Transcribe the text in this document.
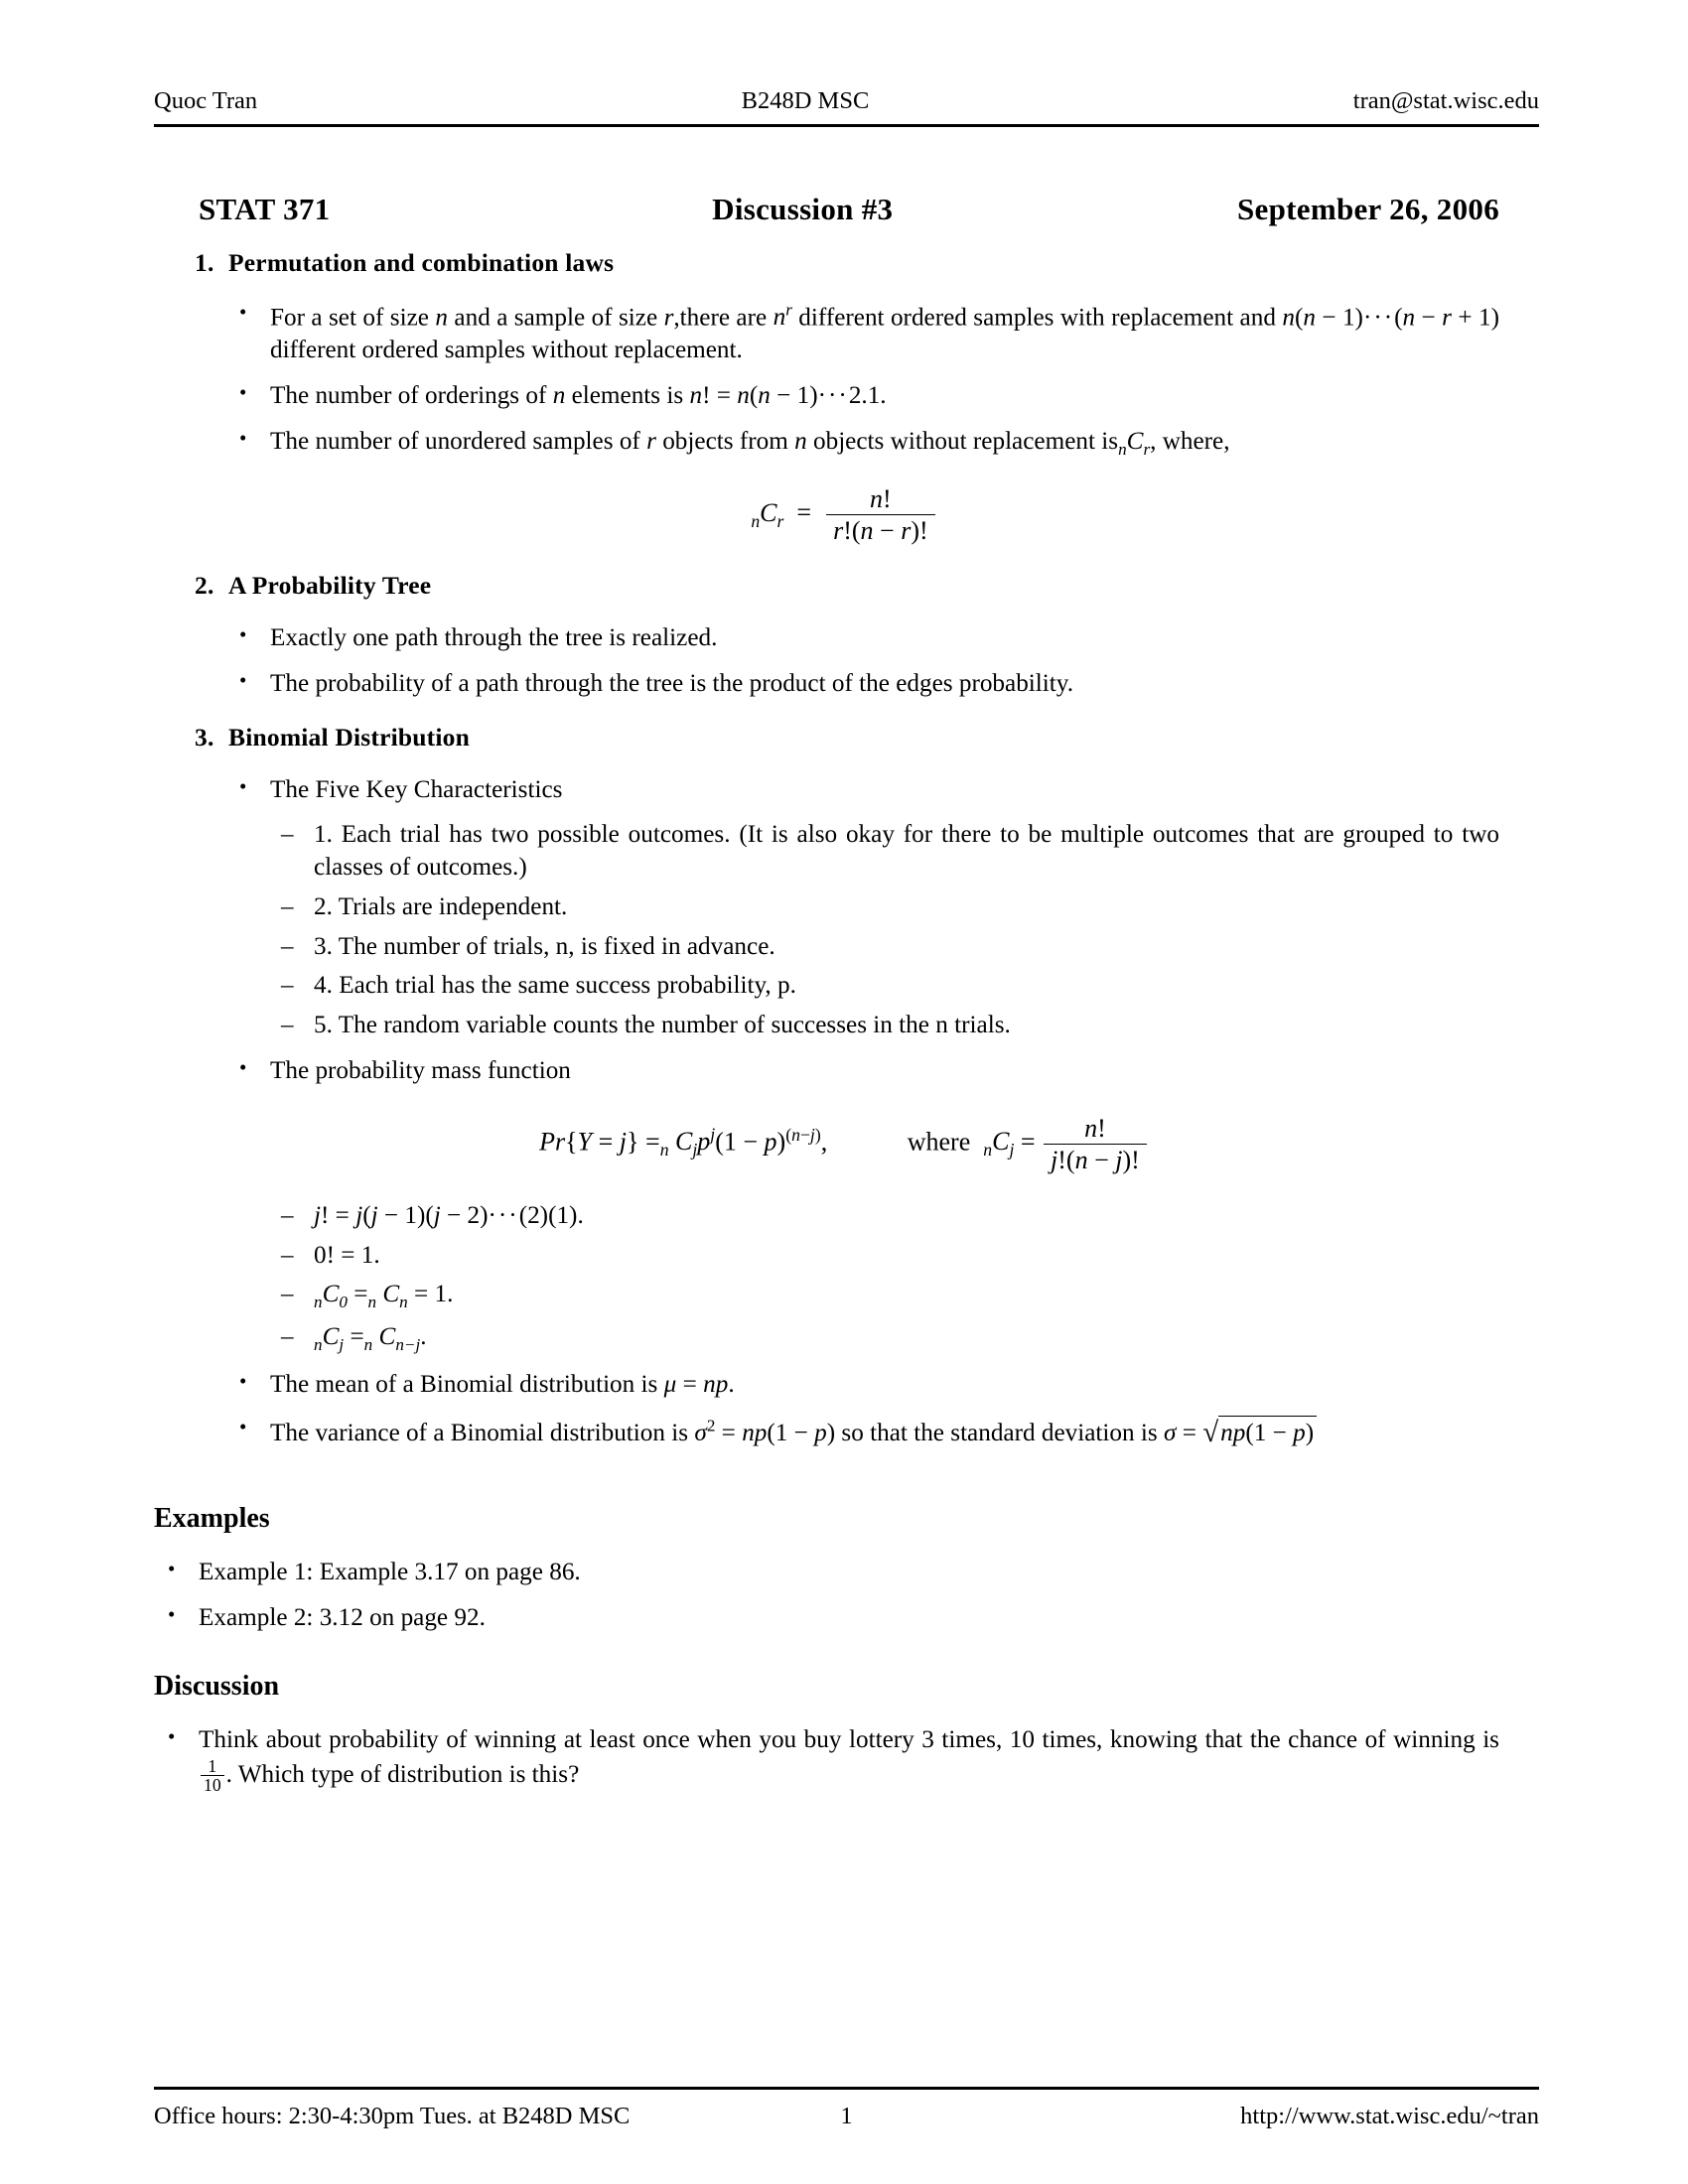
Quoc Tran	B248D MSC	tran@stat.wisc.edu
STAT 371	Discussion #3	September 26, 2006
1. Permutation and combination laws
• For a set of size n and a sample of size r,there are $n^r$ different ordered samples with replacement and n(n − 1)···(n − r + 1) different ordered samples without replacement.
• The number of orderings of n elements is n! = n(n − 1)···2.1.
• The number of unordered samples of r objects from n objects without replacement $is_nC_r$, where,
$_nC_r = \frac{n!}{r!(n - r)!}$
2. A Probability Tree
• Exactly one path through the tree is realized.
• The probability of a path through the tree is the product of the edges probability.
3. Binomial Distribution
• The Five Key Characteristics
– 1. Each trial has two possible outcomes. (It is also okay for there to be multiple outcomes that are grouped to two classes of outcomes.)
– 2. Trials are independent.
– 3. The number of trials, n, is fixed in advance.
– 4. Each trial has the same success probability, p.
– 5. The random variable counts the number of successes in the n trials.
• The probability mass function
$Pr\{Y = j\} =_n$ $C_jp^j(1 - p)^{(n-j)}$,	where  $_nC_j = \frac{n!}{j!(n - j)!}$
– j! = j(j − 1)(j − 2)···(2)(1).
– 0! = 1.
– $_nC_0 =_n$ $C_n = 1$.
– $_nC_j =_n$ $C_{n-j}$.
• The mean of a Binomial distribution is μ = np.
• The variance of a Binomial distribution is $\sigma^2 = np(1 - p)$ so that the standard deviation is σ = √np(1 − p)
Examples
• Example 1: Example 3.17 on page 86.
• Example 2: 3.12 on page 92.
Discussion
• Think about probability of winning at least once when you buy lottery 3 times, 10 times, knowing that the chance of winning is
$\frac{1}{10}$ . Which type of distribution is this?
Office hours: 2:30-4:30pm Tues. at B248D MSC	1	http://www.stat.wisc.edu/~tran
